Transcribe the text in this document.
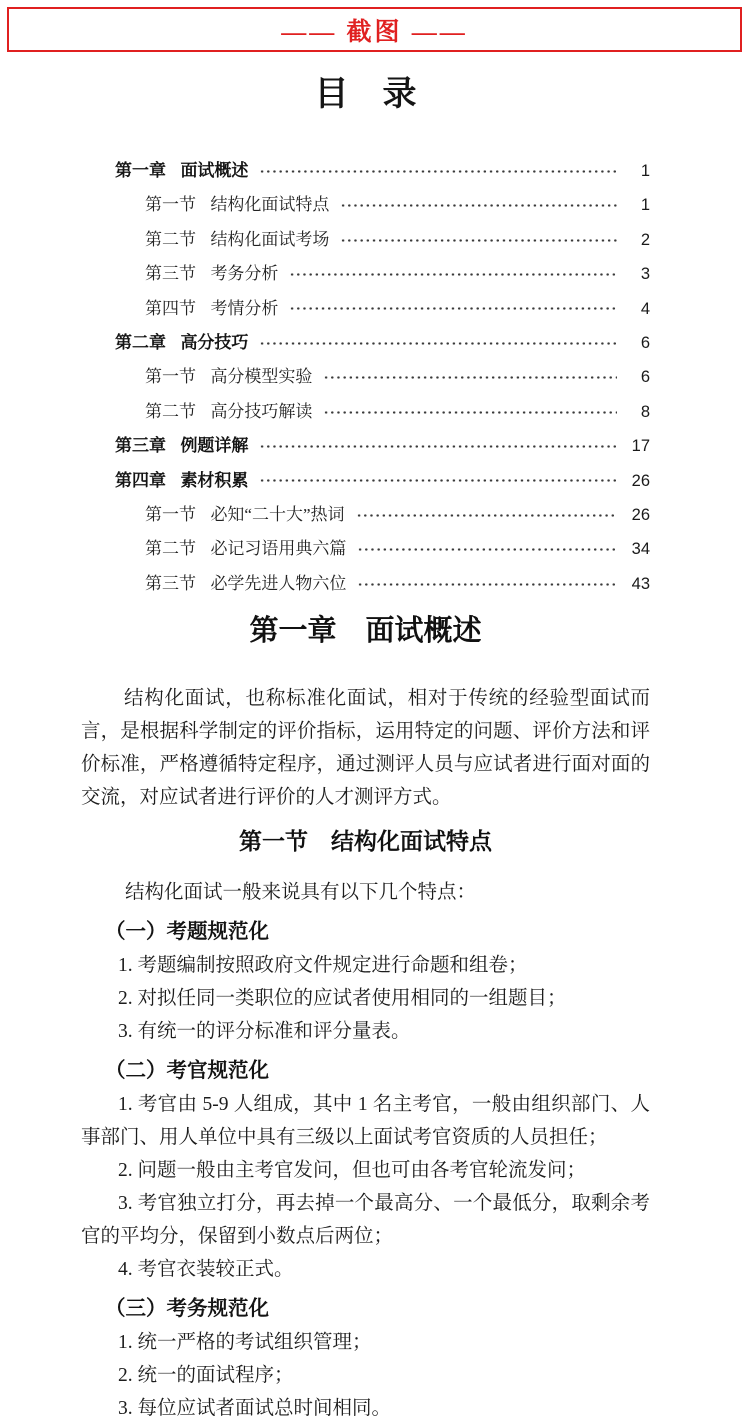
—— 截图 ——
目　录
第一章 面试概述	1
第一节 结构化面试特点	1
第二节 结构化面试考场	2
第三节 考务分析	3
第四节 考情分析	4
第二章 高分技巧	6
第一节 高分模型实验	6
第二节 高分技巧解读	8
第三章 例题详解	17
第四章 素材积累	26
第一节 必知“二十大”热词	26
第二节 必记习语用典六篇	34
第三节 必学先进人物六位	43
第一章　面试概述

结构化面试，也称标准化面试，相对于传统的经验型面试而言，是根据科学制定的评价指标，运用特定的问题、评价方法和评价标准，严格遵循特定程序，通过测评人员与应试者进行面对面的交流，对应试者进行评价的人才测评方式。

第一节　结构化面试特点

结构化面试一般来说具有以下几个特点：

（一）考题规范化

1. 考题编制按照政府文件规定进行命题和组卷；

2. 对拟任同一类职位的应试者使用相同的一组题目；

3. 有统一的评分标准和评分量表。

（二）考官规范化

1. 考官由 5-9 人组成，其中 1 名主考官，一般由组织部门、人事部门、用人单位中具有三级以上面试考官资质的人员担任；

2. 问题一般由主考官发问，但也可由各考官轮流发问；

3. 考官独立打分，再去掉一个最高分、一个最低分，取剩余考官的平均分，保留到小数点后两位；

4. 考官衣装较正式。

（三）考务规范化

1. 统一严格的考试组织管理；

2. 统一的面试程序；

3. 每位应试者面试总时间相同。
